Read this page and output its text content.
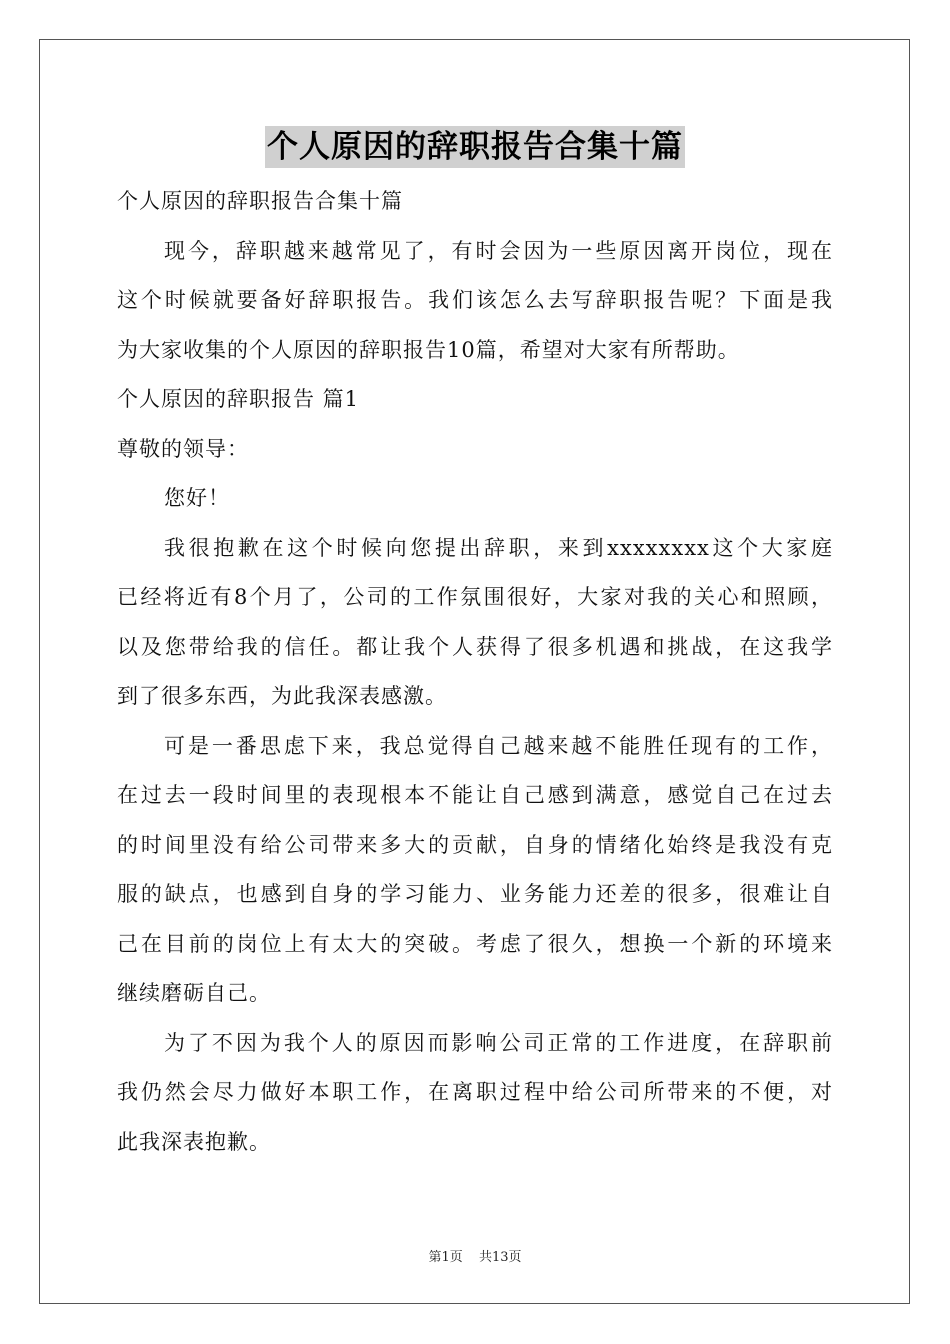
个人原因的辞职报告合集十篇
个人原因的辞职报告合集十篇
现今，辞职越来越常见了，有时会因为一些原因离开岗位，现在
这个时候就要备好辞职报告。我们该怎么去写辞职报告呢？下面是我
为大家收集的个人原因的辞职报告10篇，希望对大家有所帮助。
个人原因的辞职报告 篇1
尊敬的领导：
您好！
我很抱歉在这个时候向您提出辞职，来到xxxxxxxx这个大家庭
已经将近有8个月了，公司的工作氛围很好，大家对我的关心和照顾，
以及您带给我的信任。都让我个人获得了很多机遇和挑战，在这我学
到了很多东西，为此我深表感激。
可是一番思虑下来，我总觉得自己越来越不能胜任现有的工作，
在过去一段时间里的表现根本不能让自己感到满意，感觉自己在过去
的时间里没有给公司带来多大的贡献，自身的情绪化始终是我没有克
服的缺点，也感到自身的学习能力、业务能力还差的很多，很难让自
己在目前的岗位上有太大的突破。考虑了很久，想换一个新的环境来
继续磨砺自己。
为了不因为我个人的原因而影响公司正常的工作进度，在辞职前
我仍然会尽力做好本职工作，在离职过程中给公司所带来的不便，对
此我深表抱歉。
第1页 共13页
